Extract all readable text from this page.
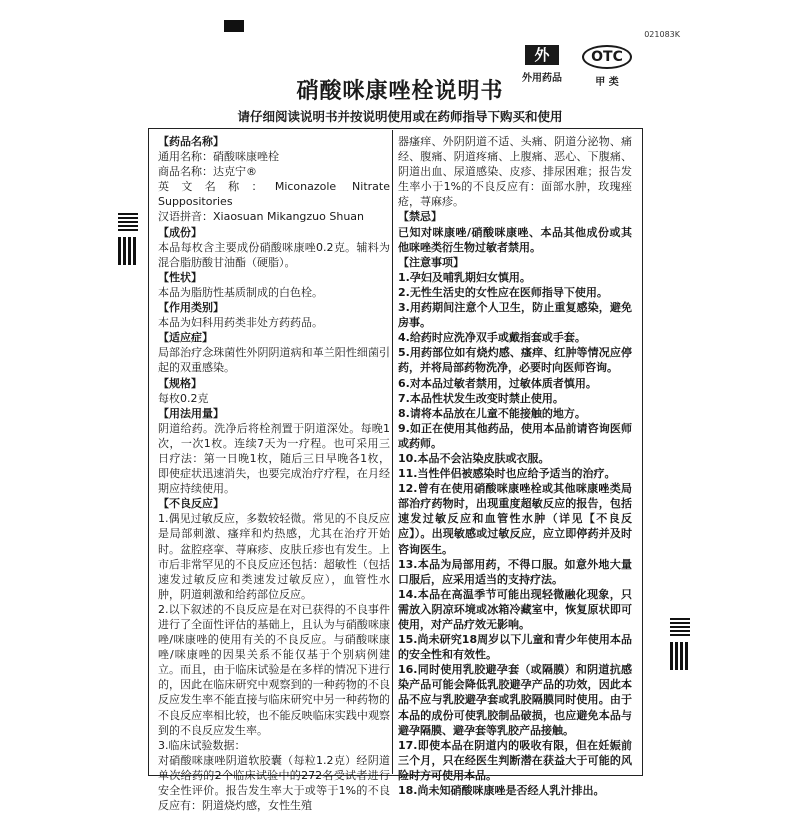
021083K
外
外用药品
OTC
甲 类
硝酸咪康唑栓说明书
请仔细阅读说明书并按说明使用或在药师指导下购买和使用

【药品名称】

通用名称：硝酸咪康唑栓

商品名称：达克宁®

英文名称：Miconazole Nitrate Suppositories

汉语拼音：Xiaosuan Mikangzuo Shuan

【成份】

本品每枚含主要成份硝酸咪康唑0.2克。辅料为混合脂肪酸甘油酯（硬脂）。

【性状】

本品为脂肪性基质制成的白色栓。

【作用类别】

本品为妇科用药类非处方药药品。

【适应症】

局部治疗念珠菌性外阴阴道病和革兰阳性细菌引起的双重感染。

【规格】

每枚0.2克

【用法用量】

阴道给药。洗净后将栓剂置于阴道深处。每晚1次，一次1枚。连续7天为一疗程。也可采用三日疗法：第一日晚1枚，随后三日早晚各1枚，即使症状迅速消失，也要完成治疗疗程，在月经期应持续使用。

【不良反应】

1.偶见过敏反应，多数较轻微。常见的不良反应是局部刺激、瘙痒和灼热感，尤其在治疗开始时。盆腔痉挛、荨麻疹、皮肤丘疹也有发生。上市后非常罕见的不良反应还包括：超敏性（包括速发过敏反应和类速发过敏反应），血管性水肿，阴道刺激和给药部位反应。

2.以下叙述的不良反应是在对已获得的不良事件进行了全面性评估的基础上，且认为与硝酸咪康唑/咪康唑的使用有关的不良反应。与硝酸咪康唑/咪康唑的因果关系不能仅基于个别病例建立。而且，由于临床试验是在多样的情况下进行的，因此在临床研究中观察到的一种药物的不良反应发生率不能直接与临床研究中另一种药物的不良反应率相比较，也不能反映临床实践中观察到的不良反应发生率。

3.临床试验数据：

对硝酸咪康唑阴道软胶囊（每粒1.2克）经阴道单次给药的2个临床试验中的272名受试者进行安全性评价。报告发生率大于或等于1%的不良反应有：阴道烧灼感，女性生殖

器瘙痒、外阴阴道不适、头痛、阴道分泌物、痛经、腹痛、阴道疼痛、上腹痛、恶心、下腹痛、阴道出血、尿道感染、皮疹、排尿困难；报告发生率小于1%的不良反应有：面部水肿，玫瑰痤疮，荨麻疹。

【禁忌】

已知对咪康唑/硝酸咪康唑、本品其他成份或其他咪唑类衍生物过敏者禁用。

【注意事项】

1.孕妇及哺乳期妇女慎用。

2.无性生活史的女性应在医师指导下使用。

3.用药期间注意个人卫生，防止重复感染，避免房事。

4.给药时应洗净双手或戴指套或手套。

5.用药部位如有烧灼感、瘙痒、红肿等情况应停药，并将局部药物洗净，必要时向医师咨询。

6.对本品过敏者禁用，过敏体质者慎用。

7.本品性状发生改变时禁止使用。

8.请将本品放在儿童不能接触的地方。

9.如正在使用其他药品，使用本品前请咨询医师或药师。

10.本品不会沾染皮肤或衣服。

11.当性伴侣被感染时也应给予适当的治疗。

12.曾有在使用硝酸咪康唑栓或其他咪康唑类局部治疗药物时，出现重度超敏反应的报告，包括速发过敏反应和血管性水肿（详见【不良反应】）。出现敏感或过敏反应，应立即停药并及时咨询医生。

13.本品为局部用药，不得口服。如意外地大量口服后，应采用适当的支持疗法。

14.本品在高温季节可能出现轻微融化现象，只需放入阴凉环境或冰箱冷藏室中，恢复原状即可使用，对产品疗效无影响。

15.尚未研究18周岁以下儿童和青少年使用本品的安全性和有效性。

16.同时使用乳胶避孕套（或隔膜）和阴道抗感染产品可能会降低乳胶避孕产品的功效，因此本品不应与乳胶避孕套或乳胶隔膜同时使用。由于本品的成份可使乳胶制品破损，也应避免本品与避孕隔膜、避孕套等乳胶产品接触。

17.即使本品在阴道内的吸收有限，但在妊娠前三个月，只在经医生判断潜在获益大于可能的风险时方可使用本品。

18.尚未知硝酸咪康唑是否经人乳汁排出。
